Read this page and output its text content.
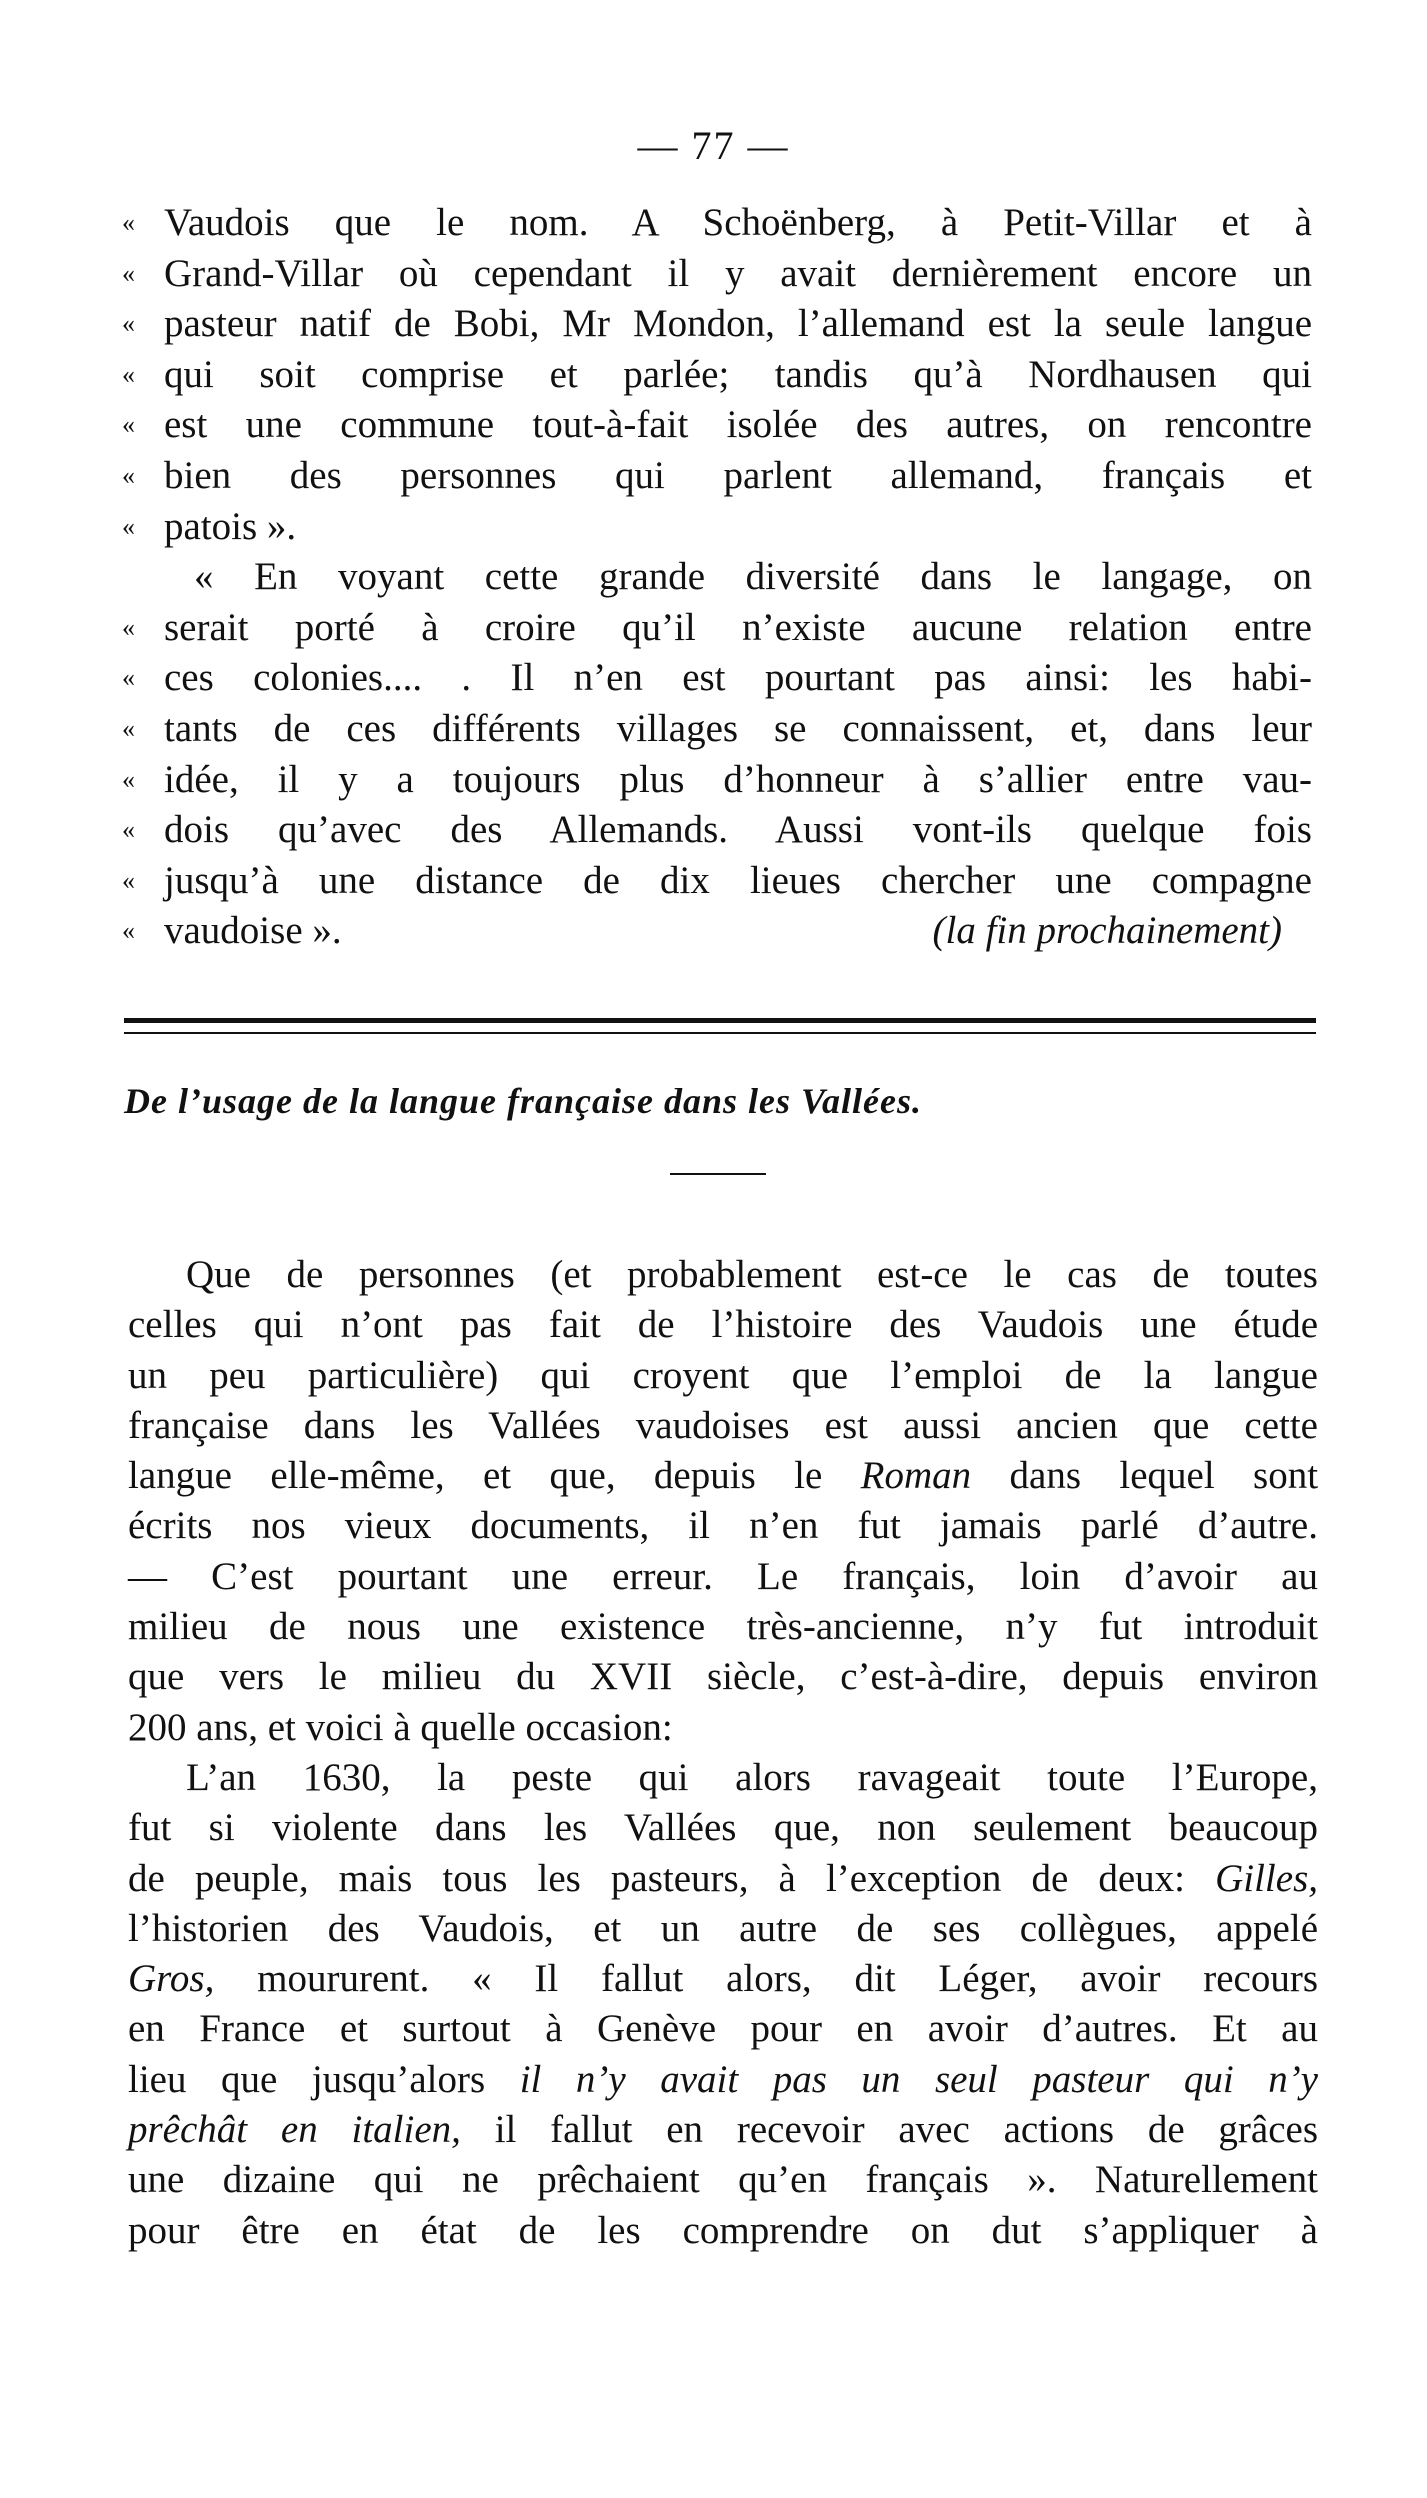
— 77 —
« Vaudois que le nom. A Schoënberg, à Petit-Villar et à
« Grand-Villar où cependant il y avait dernièrement encore un
« pasteur natif de Bobi, Mr Mondon, l’allemand est la seule langue
« qui soit comprise et parlée; tandis qu’à Nordhausen qui
« est une commune tout-à-fait isolée des autres, on rencontre
« bien des personnes qui parlent allemand, français et
« patois ».
« En voyant cette grande diversité dans le langage, on
« serait porté à croire qu’il n’existe aucune relation entre
« ces colonies.... . Il n’en est pourtant pas ainsi: les habi-
« tants de ces différents villages se connaissent, et, dans leur
« idée, il y a toujours plus d’honneur à s’allier entre vau-
« dois qu’avec des Allemands. Aussi vont-ils quelque fois
« jusqu’à une distance de dix lieues chercher une compagne
« vaudoise ».	(la fin prochainement)
De l’usage de la langue française dans les Vallées.
Que de personnes (et probablement est-ce le cas de toutes
celles qui n’ont pas fait de l’histoire des Vaudois une étude
un peu particulière) qui croyent que l’emploi de la langue
française dans les Vallées vaudoises est aussi ancien que cette
langue elle-même, et que, depuis le Roman dans lequel sont
écrits nos vieux documents, il n’en fut jamais parlé d’autre.
— C’est pourtant une erreur. Le français, loin d’avoir au
milieu de nous une existence très-ancienne, n’y fut introduit
que vers le milieu du XVII siècle, c’est-à-dire, depuis environ
200 ans, et voici à quelle occasion:
L’an 1630, la peste qui alors ravageait toute l’Europe,
fut si violente dans les Vallées que, non seulement beaucoup
de peuple, mais tous les pasteurs, à l’exception de deux: Gilles,
l’historien des Vaudois, et un autre de ses collègues, appelé
Gros, moururent. « Il fallut alors, dit Léger, avoir recours
en France et surtout à Genève pour en avoir d’autres. Et au
lieu que jusqu’alors il n’y avait pas un seul pasteur qui n’y
prêchât en italien, il fallut en recevoir avec actions de grâces
une dizaine qui ne prêchaient qu’en français ». Naturellement
pour être en état de les comprendre on dut s’appliquer à
